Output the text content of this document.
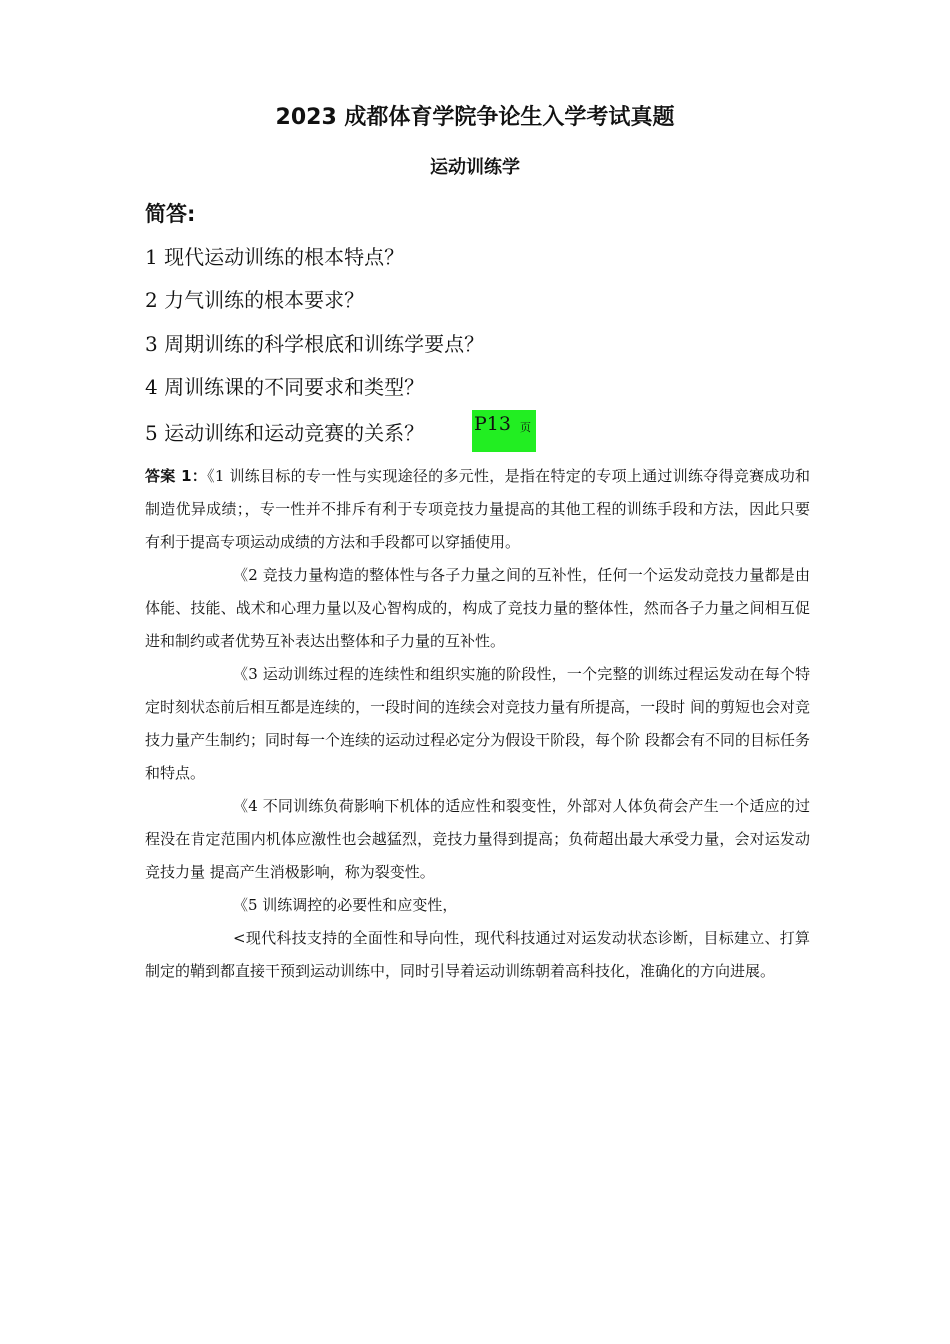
2023 成都体育学院争论生入学考试真题
运动训练学
简答:
1 现代运动训练的根本特点？
2 力气训练的根本要求？
3 周期训练的科学根底和训练学要点？
4 周训练课的不同要求和类型？
5 运动训练和运动竞赛的关系？	P13 页

答案 1：《1 训练目标的专一性与实现途径的多元性，是指在特定的专项上通过训练夺得竞赛成功和制造优异成绩；，专一性并不排斥有利于专项竞技力量提高的其他工程的训练手段和方法，因此只要有利于提高专项运动成绩的方法和手段都可以穿插使用。

《2 竞技力量构造的整体性与各子力量之间的互补性，任何一个运发动竞技力量都是由体能、技能、战术和心理力量以及心智构成的，构成了竞技力量的整体性，然而各子力量之间相互促进和制约或者优势互补表达出整体和子力量的互补性。

《3 运动训练过程的连续性和组织实施的阶段性，一个完整的训练过程运发动在每个特定时刻状态前后相互都是连续的，一段时间的连续会对竞技力量有所提高，一段时 间的剪短也会对竞技力量产生制约；同时每一个连续的运动过程必定分为假设干阶段，每个阶 段都会有不同的目标任务和特点。

《4 不同训练负荷影响下机体的适应性和裂变性，外部对人体负荷会产生一个适应的过程没在肯定范围内机体应激性也会越猛烈，竞技力量得到提高；负荷超出最大承受力量，会对运发动竞技力量 提高产生消极影响，称为裂变性。

《5 训练调控的必要性和应变性，

<现代科技支持的全面性和导向性，现代科技通过对运发动状态诊断，目标建立、打算制定的鞘到都直接干预到运动训练中，同时引导着运动训练朝着高科技化，准确化的方向进展。
